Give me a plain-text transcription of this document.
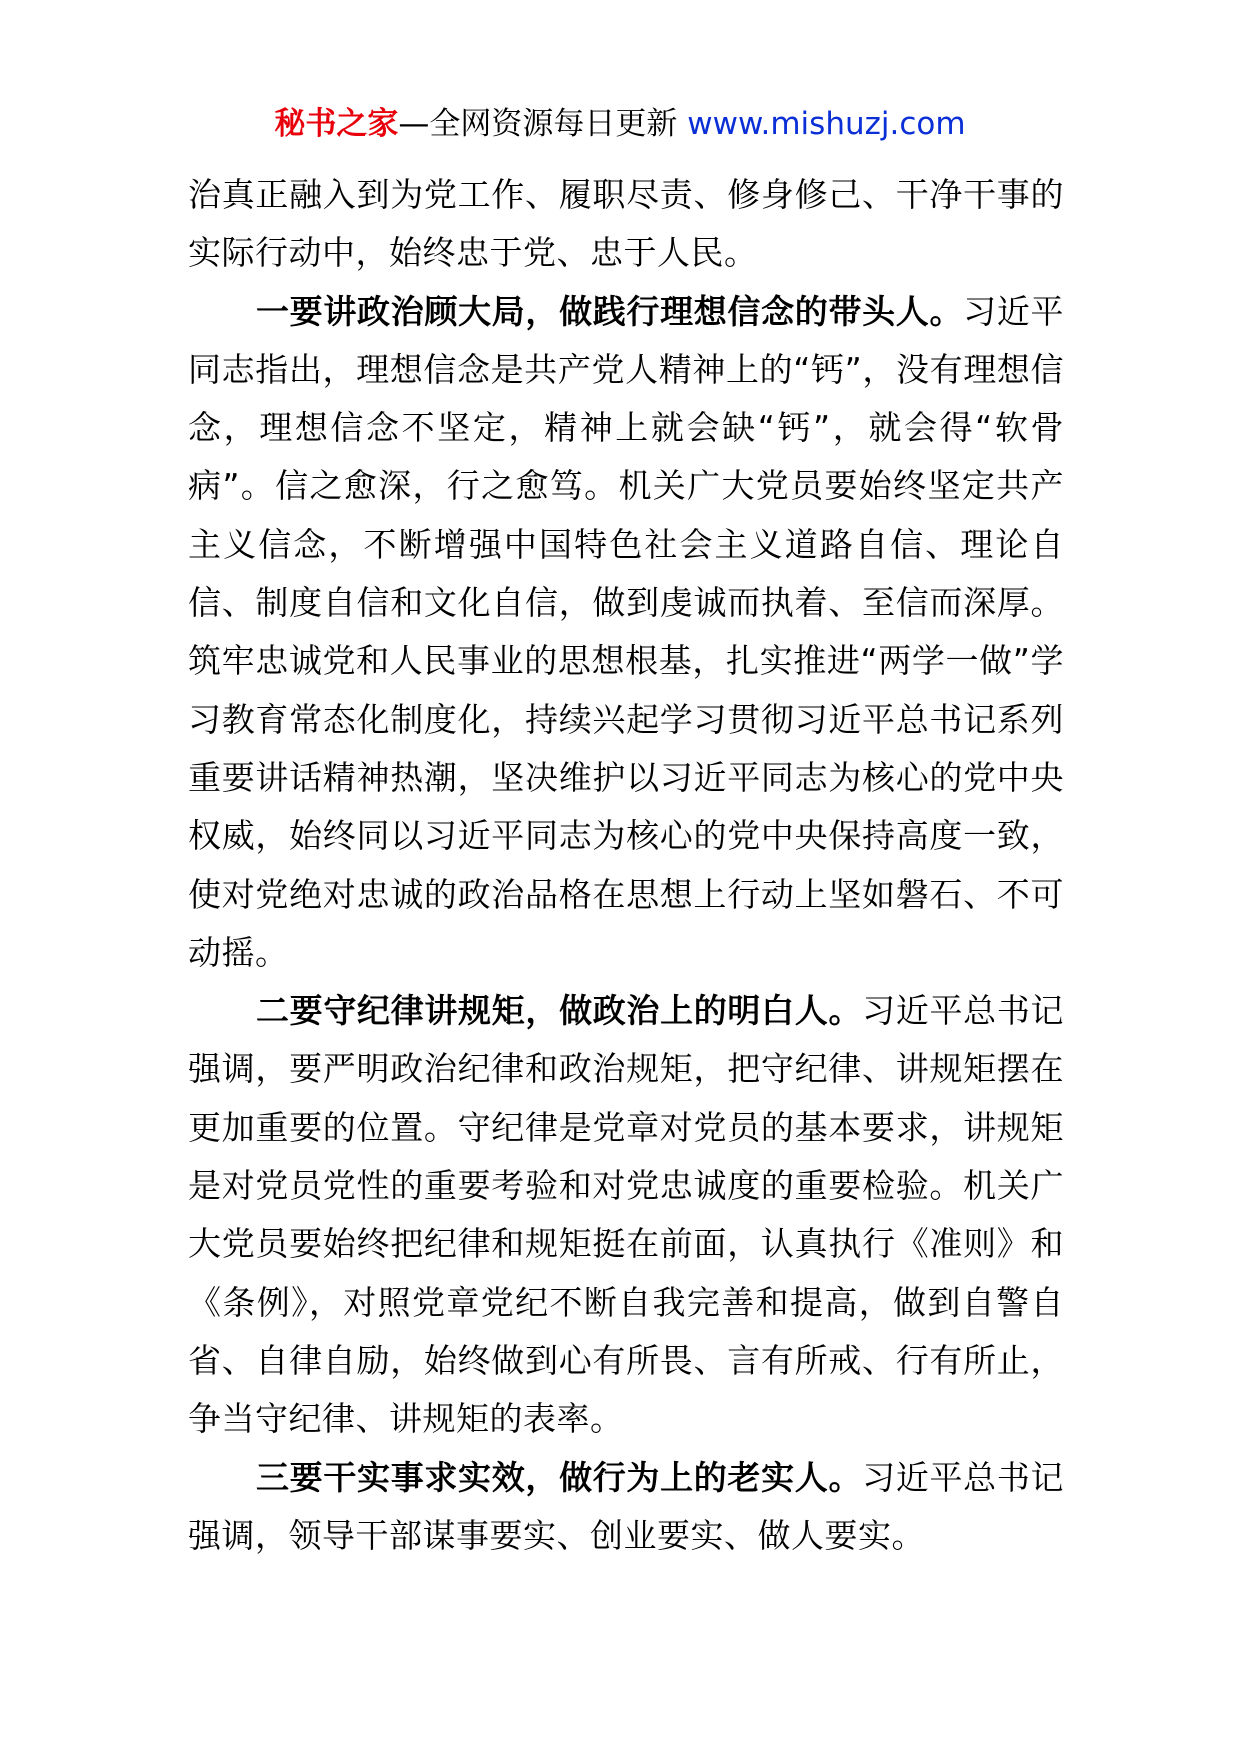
秘书之家—全网资源每日更新 www.mishuzj.com

治真正融入到为党工作、履职尽责、修身修己、干净干事的实际行动中，始终忠于党、忠于人民。

一要讲政治顾大局，做践行理想信念的带头人。习近平同志指出，理想信念是共产党人精神上的“钙”，没有理想信念，理想信念不坚定，精神上就会缺“钙”，就会得“软骨病”。信之愈深，行之愈笃。机关广大党员要始终坚定共产主义信念，不断增强中国特色社会主义道路自信、理论自信、制度自信和文化自信，做到虔诚而执着、至信而深厚。筑牢忠诚党和人民事业的思想根基，扎实推进“两学一做”学习教育常态化制度化，持续兴起学习贯彻习近平总书记系列重要讲话精神热潮，坚决维护以习近平同志为核心的党中央权威，始终同以习近平同志为核心的党中央保持高度一致，使对党绝对忠诚的政治品格在思想上行动上坚如磐石、不可动摇。

二要守纪律讲规矩，做政治上的明白人。习近平总书记强调，要严明政治纪律和政治规矩，把守纪律、讲规矩摆在更加重要的位置。守纪律是党章对党员的基本要求，讲规矩是对党员党性的重要考验和对党忠诚度的重要检验。机关广大党员要始终把纪律和规矩挺在前面，认真执行《准则》和《条例》，对照党章党纪不断自我完善和提高，做到自警自省、自律自励，始终做到心有所畏、言有所戒、行有所止，争当守纪律、讲规矩的表率。

三要干实事求实效，做行为上的老实人。习近平总书记强调，领导干部谋事要实、创业要实、做人要实。
